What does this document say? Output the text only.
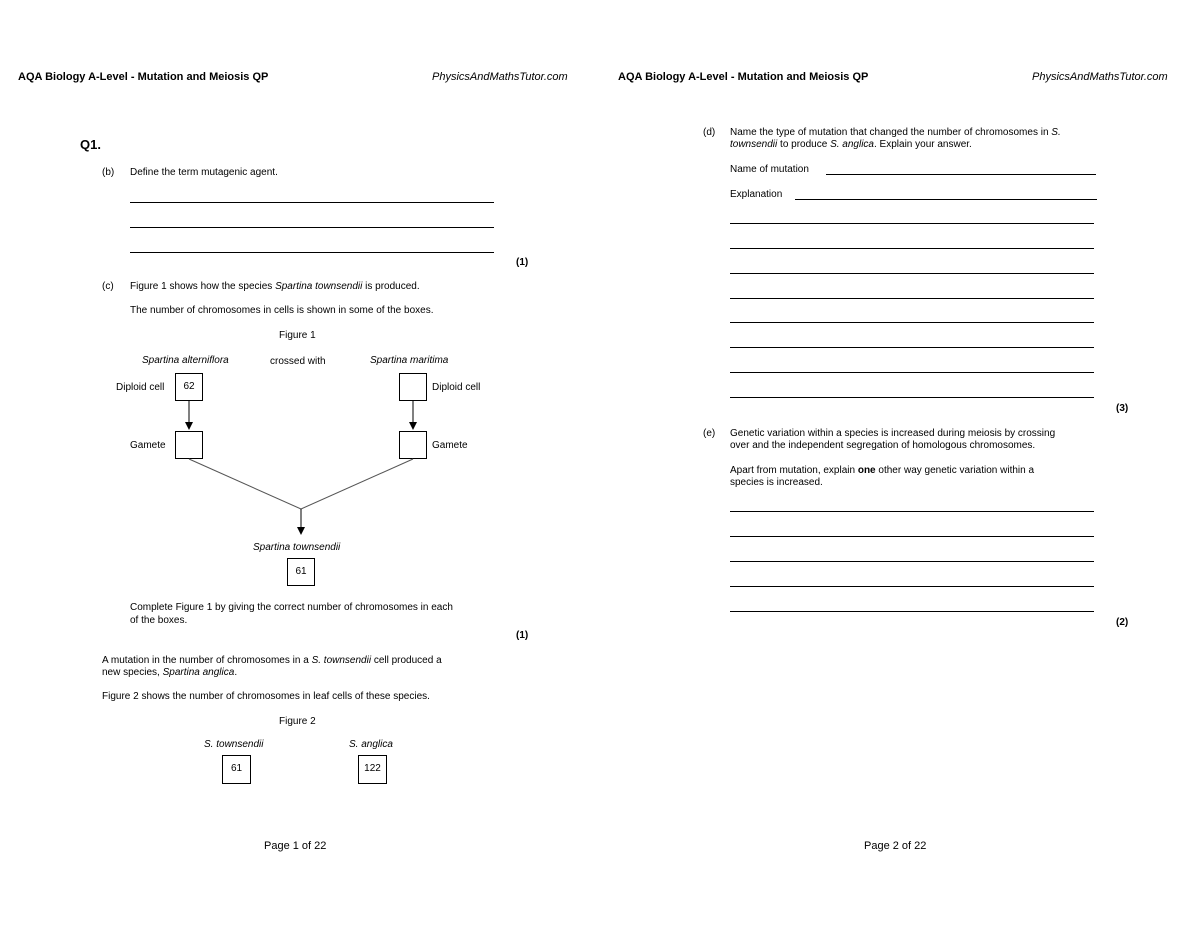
AQA Biology A-Level - Mutation and Meiosis QP	PhysicsAndMathsTutor.com
Q1.
(b) Define the term mutagenic agent.
(1)
(c) Figure 1 shows how the species Spartina townsendii is produced.
The number of chromosomes in cells is shown in some of the boxes.
Figure 1
Spartina alterniflora	crossed with	Spartina maritima
Diploid cell	62	Diploid cell
Gamete	Gamete
Spartina townsendii
61
Complete Figure 1 by giving the correct number of chromosomes in each
of the boxes.
(1)
A mutation in the number of chromosomes in a S. townsendii cell produced a
new species, Spartina anglica.
Figure 2 shows the number of chromosomes in leaf cells of these species.
Figure 2
S. townsendii	S. anglica
61	122
Page 1 of 22
AQA Biology A-Level - Mutation and Meiosis QP	PhysicsAndMathsTutor.com
(d) Name the type of mutation that changed the number of chromosomes in S.
townsendii to produce S. anglica. Explain your answer.
Name of mutation
Explanation
(3)
(e) Genetic variation within a species is increased during meiosis by crossing
over and the independent segregation of homologous chromosomes.
Apart from mutation, explain one other way genetic variation within a
species is increased.
(2)
Page 2 of 22
